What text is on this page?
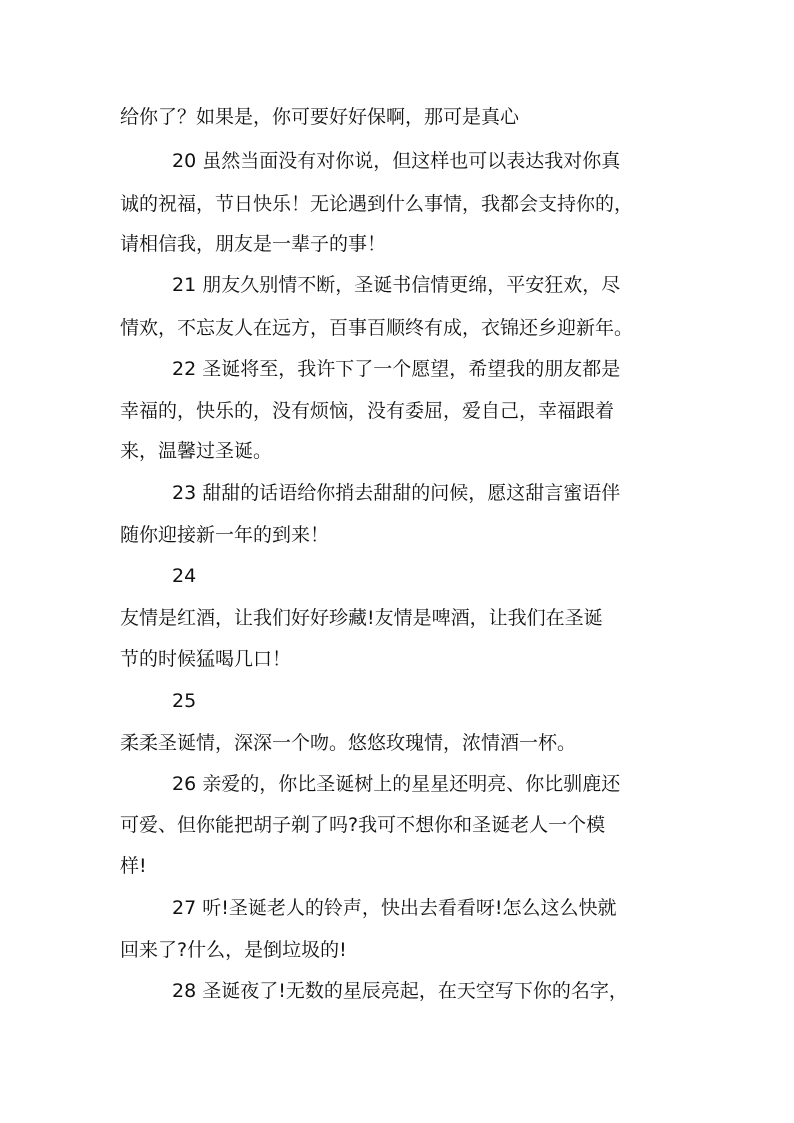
给你了？如果是，你可要好好保啊，那可是真心
20 虽然当面没有对你说，但这样也可以表达我对你真
诚的祝福，节日快乐！无论遇到什么事情，我都会支持你的，
请相信我，朋友是一辈子的事！
21 朋友久别情不断，圣诞书信情更绵，平安狂欢，尽
情欢，不忘友人在远方，百事百顺终有成，衣锦还乡迎新年。
22 圣诞将至，我许下了一个愿望，希望我的朋友都是
幸福的，快乐的，没有烦恼，没有委屈，爱自己，幸福跟着
来，温馨过圣诞。
23 甜甜的话语给你捎去甜甜的问候，愿这甜言蜜语伴
随你迎接新一年的到来！
24
友情是红酒，让我们好好珍藏!友情是啤酒，让我们在圣诞
节的时候猛喝几口！
25
柔柔圣诞情，深深一个吻。悠悠玫瑰情，浓情酒一杯。
26 亲爱的，你比圣诞树上的星星还明亮、你比驯鹿还
可爱、但你能把胡子剃了吗?我可不想你和圣诞老人一个模
样!
27 听!圣诞老人的铃声，快出去看看呀!怎么这么快就
回来了?什么，是倒垃圾的!
28 圣诞夜了!无数的星辰亮起，在天空写下你的名字，
